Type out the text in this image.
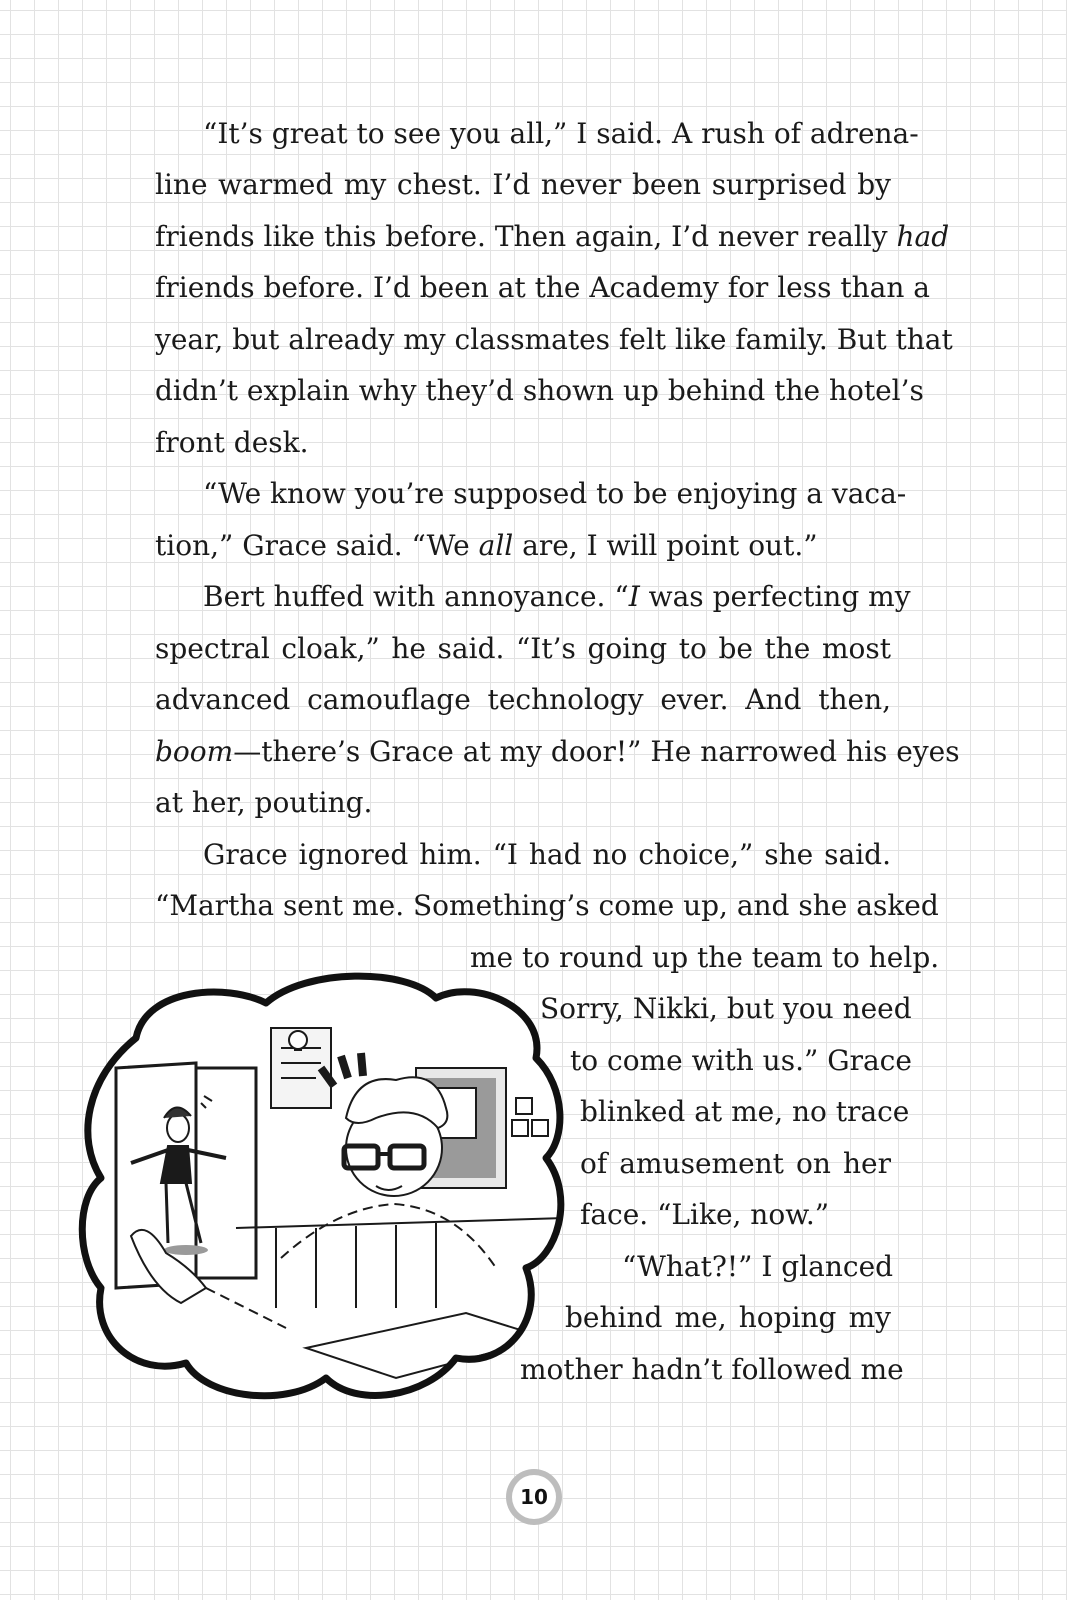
“It’s great to see you all,” I said. A rush of adrena-

line warmed my chest. I’d never been surprised by

friends like this before. Then again, I’d never really had

friends before. I’d been at the Academy for less than a

year, but already my classmates felt like family. But that

didn’t explain why they’d shown up behind the hotel’s

front desk.

“We know you’re supposed to be enjoying a vaca-

tion,” Grace said. “We all are, I will point out.”

Bert huffed with annoyance. “I was perfecting my

spectral cloak,” he said. “It’s going to be the most

advanced camouflage technology ever. And then,

boom—there’s Grace at my door!” He narrowed his eyes

at her, pouting.

Grace ignored him. “I had no choice,” she said.

“Martha sent me. Something’s come up, and she asked

me to round up the team to help.

Sorry, Nikki, but you need

to come with us.” Grace

blinked at me, no trace

of amusement on her

face. “Like, now.”

“What?!” I glanced

behind me, hoping my

mother hadn’t followed me

10
